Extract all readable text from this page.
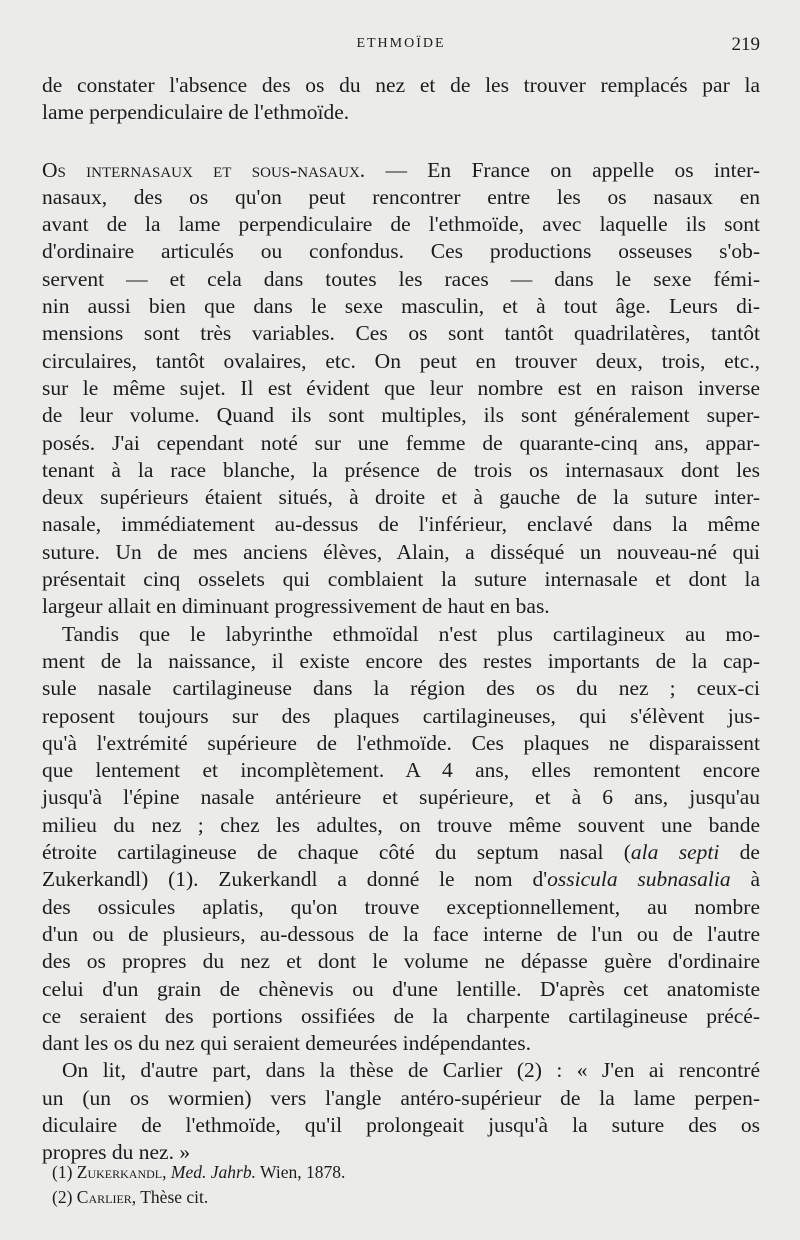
ETHMOÏDE	219
de constater l'absence des os du nez et de les trouver remplacés par la
lame perpendiculaire de l'ethmoïde.
Os internasaux et sous-nasaux. — En France on appelle os inter-
nasaux, des os qu'on peut rencontrer entre les os nasaux en
avant de la lame perpendiculaire de l'ethmoïde, avec laquelle ils sont
d'ordinaire articulés ou confondus. Ces productions osseuses s'ob-
servent — et cela dans toutes les races — dans le sexe fémi-
nin aussi bien que dans le sexe masculin, et à tout âge. Leurs di-
mensions sont très variables. Ces os sont tantôt quadrilatères, tantôt
circulaires, tantôt ovalaires, etc. On peut en trouver deux, trois, etc.,
sur le même sujet. Il est évident que leur nombre est en raison inverse
de leur volume. Quand ils sont multiples, ils sont généralement super-
posés. J'ai cependant noté sur une femme de quarante-cinq ans, appar-
tenant à la race blanche, la présence de trois os internasaux dont les
deux supérieurs étaient situés, à droite et à gauche de la suture inter-
nasale, immédiatement au-dessus de l'inférieur, enclavé dans la même
suture. Un de mes anciens élèves, Alain, a disséqué un nouveau-né qui
présentait cinq osselets qui comblaient la suture internasale et dont la
largeur allait en diminuant progressivement de haut en bas.
Tandis que le labyrinthe ethmoïdal n'est plus cartilagineux au mo-
ment de la naissance, il existe encore des restes importants de la cap-
sule nasale cartilagineuse dans la région des os du nez ; ceux-ci
reposent toujours sur des plaques cartilagineuses, qui s'élèvent jus-
qu'à l'extrémité supérieure de l'ethmoïde. Ces plaques ne disparaissent
que lentement et incomplètement. A 4 ans, elles remontent encore
jusqu'à l'épine nasale antérieure et supérieure, et à 6 ans, jusqu'au
milieu du nez ; chez les adultes, on trouve même souvent une bande
étroite cartilagineuse de chaque côté du septum nasal (ala septi de
Zukerkandl) (1). Zukerkandl a donné le nom d'ossicula subnasalia à
des ossicules aplatis, qu'on trouve exceptionnellement, au nombre
d'un ou de plusieurs, au-dessous de la face interne de l'un ou de l'autre
des os propres du nez et dont le volume ne dépasse guère d'ordinaire
celui d'un grain de chènevis ou d'une lentille. D'après cet anatomiste
ce seraient des portions ossifiées de la charpente cartilagineuse précé-
dant les os du nez qui seraient demeurées indépendantes.
On lit, d'autre part, dans la thèse de Carlier (2) : « J'en ai rencontré
un (un os wormien) vers l'angle antéro-supérieur de la lame perpen-
diculaire de l'ethmoïde, qu'il prolongeait jusqu'à la suture des os
propres du nez. »
(1) Zukerkandl, Med. Jahrb. Wien, 1878.
(2) Carlier, Thèse cit.
